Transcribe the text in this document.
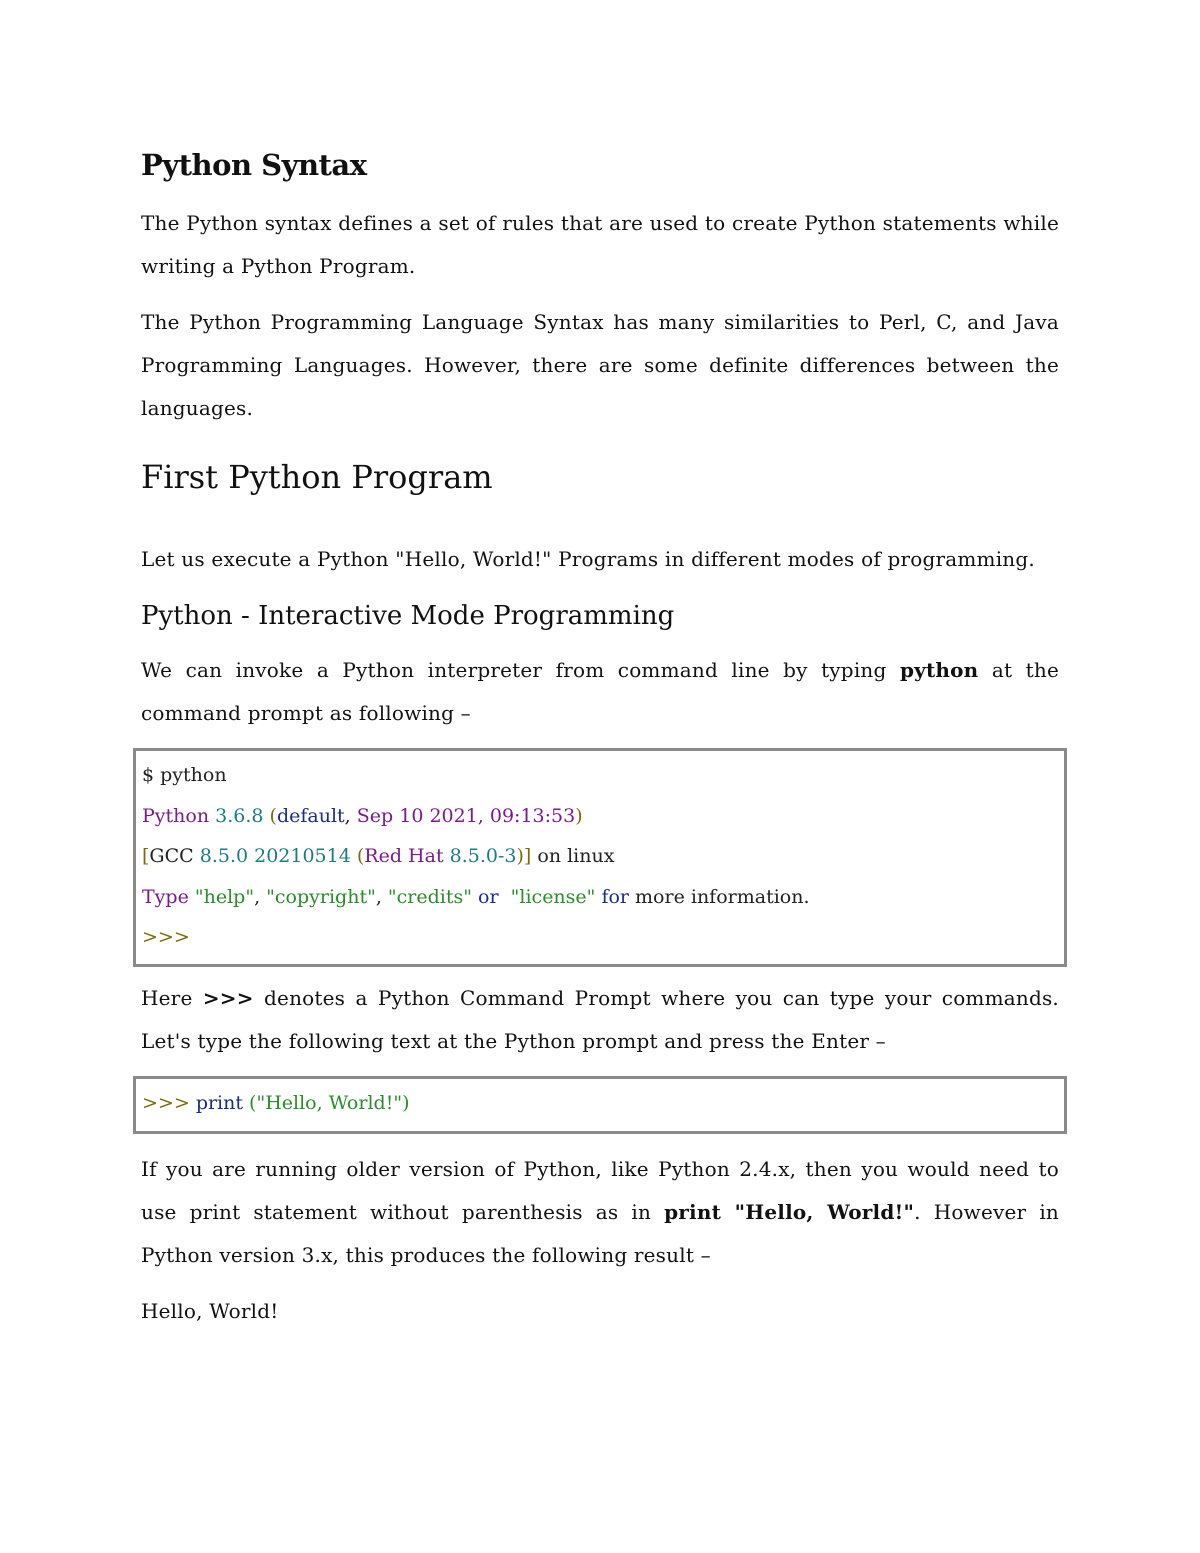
Python Syntax

The Python syntax defines a set of rules that are used to create Python statements while writing a Python Program.

The Python Programming Language Syntax has many similarities to Perl, C, and Java Programming Languages. However, there are some definite differences between the languages.

First Python Program

Let us execute a Python "Hello, World!" Programs in different modes of programming.

Python - Interactive Mode Programming

We can invoke a Python interpreter from command line by typing python at the command prompt as following –

$ python
Python 3.6.8 (default, Sep 10 2021, 09:13:53)
[GCC 8.5.0 20210514 (Red Hat 8.5.0-3)] on linux
Type "help", "copyright", "credits" or  "license" for more information.
>>>

Here >>> denotes a Python Command Prompt where you can type your commands. Let's type the following text at the Python prompt and press the Enter –

>>> print ("Hello, World!")

If you are running older version of Python, like Python 2.4.x, then you would need to use print statement without parenthesis as in print "Hello, World!". However in Python version 3.x, this produces the following result –

Hello, World!
